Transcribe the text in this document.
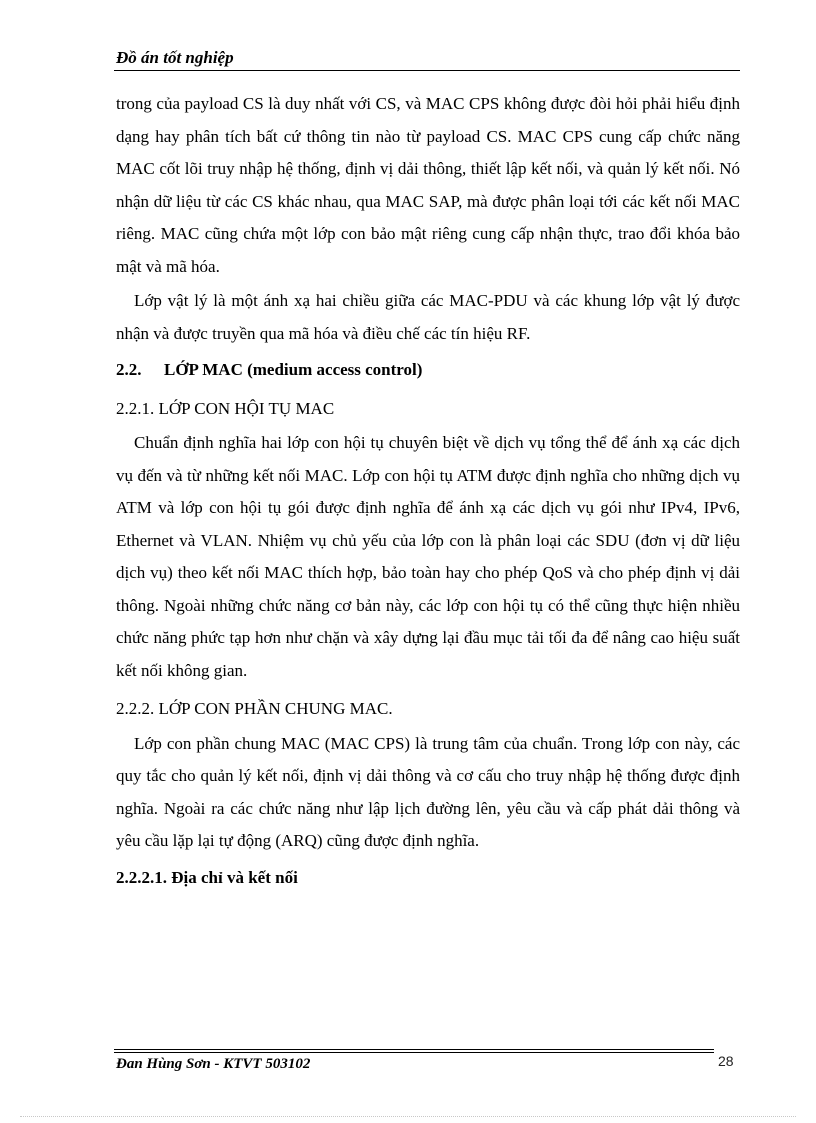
Đồ án tốt nghiệp

trong của payload CS là duy nhất với CS, và MAC CPS không được đòi hỏi phải hiểu định dạng hay phân tích bất cứ thông tin nào từ payload CS. MAC CPS cung cấp chức năng MAC cốt lõi truy nhập hệ thống, định vị dải thông, thiết lập kết nối, và quản lý kết nối. Nó nhận dữ liệu từ các CS khác nhau, qua MAC SAP, mà được phân loại tới các kết nối MAC riêng. MAC cũng chứa một lớp con bảo mật riêng cung cấp nhận thực, trao đổi khóa bảo mật và mã hóa.

Lớp vật lý là một ánh xạ hai chiều giữa các MAC-PDU và các khung lớp vật lý được nhận và được truyền qua mã hóa và điều chế các tín hiệu RF.

2.2. LỚP MAC (medium access control)
2.2.1. LỚP CON HỘI TỤ MAC

Chuẩn định nghĩa hai lớp con hội tụ chuyên biệt về dịch vụ tổng thể để ánh xạ các dịch vụ đến và từ những kết nối MAC. Lớp con hội tụ ATM được định nghĩa cho những dịch vụ ATM và lớp con hội tụ gói được định nghĩa để ánh xạ các dịch vụ gói như IPv4, IPv6, Ethernet và VLAN. Nhiệm vụ chủ yếu của lớp con là phân loại các SDU (đơn vị dữ liệu dịch vụ) theo kết nối MAC thích hợp, bảo toàn hay cho phép QoS và cho phép định vị dải thông. Ngoài những chức năng cơ bản này, các lớp con hội tụ có thể cũng thực hiện nhiều chức năng phức tạp hơn như chặn và xây dựng lại đầu mục tải tối đa để nâng cao hiệu suất kết nối không gian.

2.2.2. LỚP CON PHẦN CHUNG MAC.

Lớp con phần chung MAC (MAC CPS) là trung tâm của chuẩn. Trong lớp con này, các quy tắc cho quản lý kết nối, định vị dải thông và cơ cấu cho truy nhập hệ thống được định nghĩa. Ngoài ra các chức năng như lập lịch đường lên, yêu cầu và cấp phát dải thông và yêu cầu lặp lại tự động (ARQ) cũng được định nghĩa.

2.2.2.1. Địa chỉ và kết nối
Đan Hùng Sơn - KTVT 503102	28
